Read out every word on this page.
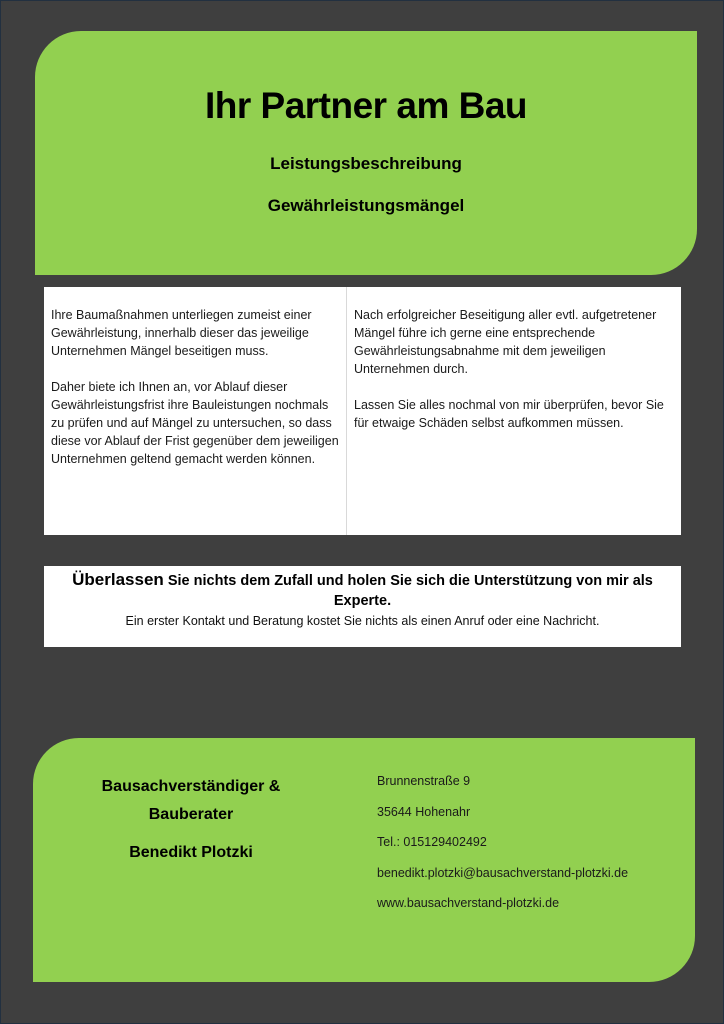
Ihr Partner am Bau
Leistungsbeschreibung
Gewährleistungsmängel

Ihre Baumaßnahmen unterliegen zumeist einer Gewährleistung, innerhalb dieser das jeweilige Unternehmen Mängel beseitigen muss.

Daher biete ich Ihnen an, vor Ablauf dieser Gewährleistungsfrist ihre Bauleistungen nochmals zu prüfen und auf Mängel zu untersuchen, so dass diese vor Ablauf der Frist gegenüber dem jeweiligen Unternehmen geltend gemacht werden können.

Nach erfolgreicher Beseitigung aller evtl. aufgetretener Mängel führe ich gerne eine entsprechende Gewährleistungsabnahme mit dem jeweiligen Unternehmen durch.

Lassen Sie alles nochmal von mir überprüfen, bevor Sie für etwaige Schäden selbst aufkommen müssen.

Überlassen Sie nichts dem Zufall und holen Sie sich die Unterstützung von mir als Experte.
Ein erster Kontakt und Beratung kostet Sie nichts als einen Anruf oder eine Nachricht.
Bausachverständiger &
Bauberater
Benedikt Plotzki
Brunnenstraße 9
35644 Hohenahr
Tel.: 015129402492
benedikt.plotzki@bausachverstand-plotzki.de
www.bausachverstand-plotzki.de
